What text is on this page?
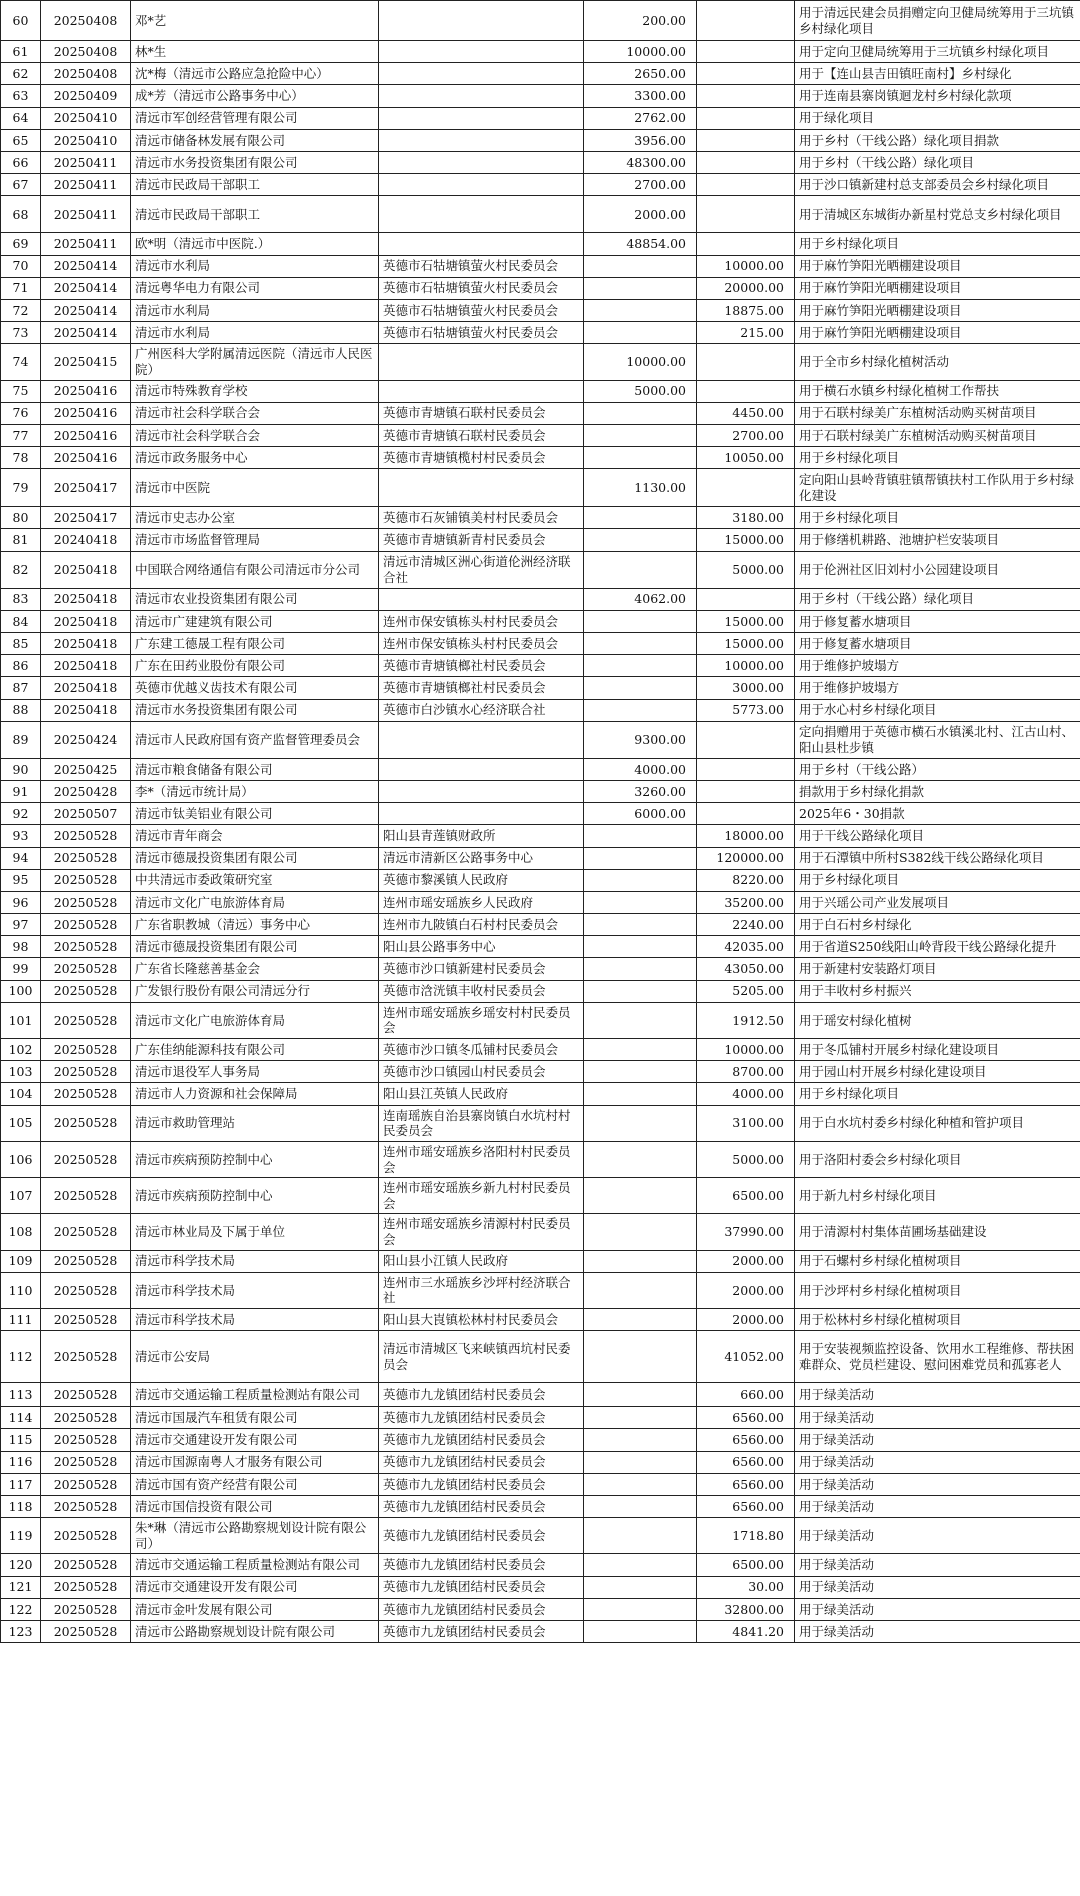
60	20250408	邓*艺		200.00		用于清远民建会员捐赠定向卫健局统筹用于三坑镇乡村绿化项目
61	20250408	林*生		10000.00		用于定向卫健局统筹用于三坑镇乡村绿化项目
62	20250408	沈*梅（清远市公路应急抢险中心）		2650.00		用于【连山县吉田镇旺南村】乡村绿化
63	20250409	成*芳（清远市公路事务中心）		3300.00		用于连南县寨岗镇迴龙村乡村绿化款项
64	20250410	清远市军创经营管理有限公司		2762.00		用于绿化项目
65	20250410	清远市储备林发展有限公司		3956.00		用于乡村（干线公路）绿化项目捐款
66	20250411	清远市水务投资集团有限公司		48300.00		用于乡村（干线公路）绿化项目
67	20250411	清远市民政局干部职工		2700.00		用于沙口镇新建村总支部委员会乡村绿化项目
68	20250411	清远市民政局干部职工		2000.00		用于清城区东城街办新星村党总支乡村绿化项目
69	20250411	欧*明（清远市中医院.）		48854.00		用于乡村绿化项目
70	20250414	清远市水利局	英德市石牯塘镇萤火村民委员会		10000.00	用于麻竹笋阳光晒棚建设项目
71	20250414	清远粤华电力有限公司	英德市石牯塘镇萤火村民委员会		20000.00	用于麻竹笋阳光晒棚建设项目
72	20250414	清远市水利局	英德市石牯塘镇萤火村民委员会		18875.00	用于麻竹笋阳光晒棚建设项目
73	20250414	清远市水利局	英德市石牯塘镇萤火村民委员会		215.00	用于麻竹笋阳光晒棚建设项目
74	20250415	广州医科大学附属清远医院（清远市人民医院）		10000.00		用于全市乡村绿化植树活动
75	20250416	清远市特殊教育学校		5000.00		用于横石水镇乡村绿化植树工作帮扶
76	20250416	清远市社会科学联合会	英德市青塘镇石联村民委员会		4450.00	用于石联村绿美广东植树活动购买树苗项目
77	20250416	清远市社会科学联合会	英德市青塘镇石联村民委员会		2700.00	用于石联村绿美广东植树活动购买树苗项目
78	20250416	清远市政务服务中心	英德市青塘镇榄村村民委员会		10050.00	用于乡村绿化项目
79	20250417	清远市中医院		1130.00		定向阳山县岭背镇驻镇帮镇扶村工作队用于乡村绿化建设
80	20250417	清远市史志办公室	英德市石灰铺镇美村村民委员会		3180.00	用于乡村绿化项目
81	20240418	清远市市场监督管理局	英德市青塘镇新青村民委员会		15000.00	用于修缮机耕路、池塘护栏安装项目
82	20250418	中国联合网络通信有限公司清远市分公司	清远市清城区洲心街道伦洲经济联合社		5000.00	用于伦洲社区旧刘村小公园建设项目
83	20250418	清远市农业投资集团有限公司		4062.00		用于乡村（干线公路）绿化项目
84	20250418	清远市广建建筑有限公司	连州市保安镇栋头村村民委员会		15000.00	用于修复蓄水塘项目
85	20250418	广东建工德晟工程有限公司	连州市保安镇栋头村村民委员会		15000.00	用于修复蓄水塘项目
86	20250418	广东在田药业股份有限公司	英德市青塘镇榔社村民委员会		10000.00	用于维修护坡塌方
87	20250418	英德市优越义齿技术有限公司	英德市青塘镇榔社村民委员会		3000.00	用于维修护坡塌方
88	20250418	清远市水务投资集团有限公司	英德市白沙镇水心经济联合社		5773.00	用于水心村乡村绿化项目
89	20250424	清远市人民政府国有资产监督管理委员会		9300.00		定向捐赠用于英德市横石水镇溪北村、江古山村、阳山县杜步镇
90	20250425	清远市粮食储备有限公司		4000.00		用于乡村（干线公路）
91	20250428	李*（清远市统计局）		3260.00		捐款用于乡村绿化捐款
92	20250507	清远市钛美铝业有限公司		6000.00		2025年6・30捐款
93	20250528	清远市青年商会	阳山县青莲镇财政所		18000.00	用于干线公路绿化项目
94	20250528	清远市德晟投资集团有限公司	清远市清新区公路事务中心		120000.00	用于石潭镇中所村S382线干线公路绿化项目
95	20250528	中共清远市委政策研究室	英德市黎溪镇人民政府		8220.00	用于乡村绿化项目
96	20250528	清远市文化广电旅游体育局	连州市瑶安瑶族乡人民政府		35200.00	用于兴瑶公司产业发展项目
97	20250528	广东省职教城（清远）事务中心	连州市九陂镇白石村村民委员会		2240.00	用于白石村乡村绿化
98	20250528	清远市德晟投资集团有限公司	阳山县公路事务中心		42035.00	用于省道S250线阳山岭背段干线公路绿化提升
99	20250528	广东省长隆慈善基金会	英德市沙口镇新建村民委员会		43050.00	用于新建村安装路灯项目
100	20250528	广发银行股份有限公司清远分行	英德市浛洸镇丰收村民委员会		5205.00	用于丰收村乡村振兴
101	20250528	清远市文化广电旅游体育局	连州市瑶安瑶族乡瑶安村村民委员会		1912.50	用于瑶安村绿化植树
102	20250528	广东佳纳能源科技有限公司	英德市沙口镇冬瓜铺村民委员会		10000.00	用于冬瓜铺村开展乡村绿化建设项目
103	20250528	清远市退役军人事务局	英德市沙口镇园山村民委员会		8700.00	用于园山村开展乡村绿化建设项目
104	20250528	清远市人力资源和社会保障局	阳山县江英镇人民政府		4000.00	用于乡村绿化项目
105	20250528	清远市救助管理站	连南瑶族自治县寨岗镇白水坑村村民委员会		3100.00	用于白水坑村委乡村绿化种植和管护项目
106	20250528	清远市疾病预防控制中心	连州市瑶安瑶族乡洛阳村村民委员会		5000.00	用于洛阳村委会乡村绿化项目
107	20250528	清远市疾病预防控制中心	连州市瑶安瑶族乡新九村村民委员会		6500.00	用于新九村乡村绿化项目
108	20250528	清远市林业局及下属于单位	连州市瑶安瑶族乡清源村村民委员会		37990.00	用于清源村村集体苗圃场基础建设
109	20250528	清远市科学技术局	阳山县小江镇人民政府		2000.00	用于石螺村乡村绿化植树项目
110	20250528	清远市科学技术局	连州市三水瑶族乡沙坪村经济联合社		2000.00	用于沙坪村乡村绿化植树项目
111	20250528	清远市科学技术局	阳山县大崀镇松林村村民委员会		2000.00	用于松林村乡村绿化植树项目
112	20250528	清远市公安局	清远市清城区飞来峡镇西坑村民委员会		41052.00	用于安装视频监控设备、饮用水工程维修、帮扶困难群众、党员栏建设、慰问困难党员和孤寡老人
113	20250528	清远市交通运输工程质量检测站有限公司	英德市九龙镇团结村民委员会		660.00	用于绿美活动
114	20250528	清远市国晟汽车租赁有限公司	英德市九龙镇团结村民委员会		6560.00	用于绿美活动
115	20250528	清远市交通建设开发有限公司	英德市九龙镇团结村民委员会		6560.00	用于绿美活动
116	20250528	清远市国源南粤人才服务有限公司	英德市九龙镇团结村民委员会		6560.00	用于绿美活动
117	20250528	清远市国有资产经营有限公司	英德市九龙镇团结村民委员会		6560.00	用于绿美活动
118	20250528	清远市国信投资有限公司	英德市九龙镇团结村民委员会		6560.00	用于绿美活动
119	20250528	朱*琳（清远市公路勘察规划设计院有限公司）	英德市九龙镇团结村民委员会		1718.80	用于绿美活动
120	20250528	清远市交通运输工程质量检测站有限公司	英德市九龙镇团结村民委员会		6500.00	用于绿美活动
121	20250528	清远市交通建设开发有限公司	英德市九龙镇团结村民委员会		30.00	用于绿美活动
122	20250528	清远市金叶发展有限公司	英德市九龙镇团结村民委员会		32800.00	用于绿美活动
123	20250528	清远市公路勘察规划设计院有限公司	英德市九龙镇团结村民委员会		4841.20	用于绿美活动
